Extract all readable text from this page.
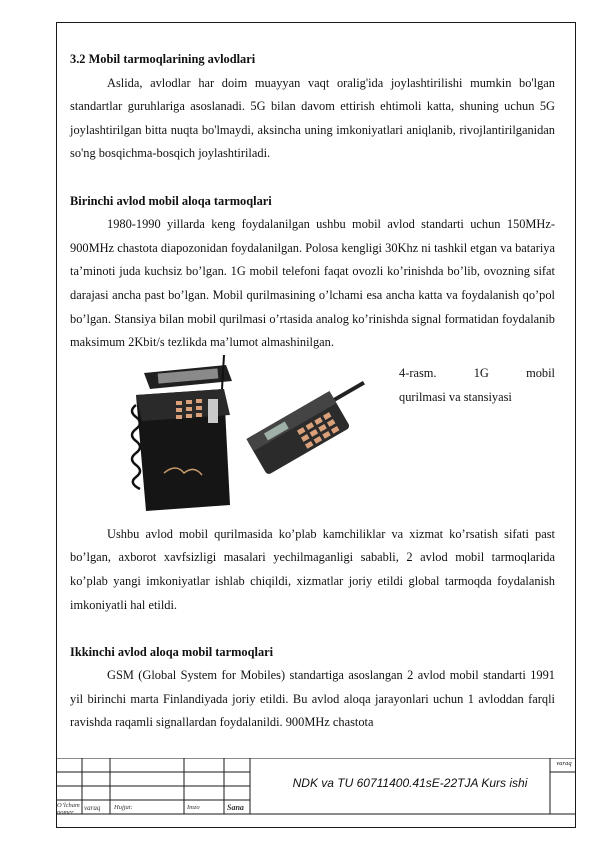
3.2 Mobil tarmoqlarining avlodlari

Aslida, avlodlar har doim muayyan vaqt oralig'ida joylashtirilishi mumkin bo'lgan standartlar guruhlariga asoslanadi. 5G bilan davom ettirish ehtimoli katta, shuning uchun 5G joylashtirilgan bitta nuqta bo'lmaydi, aksincha uning imkoniyatlari aniqlanib, rivojlantirilganidan so'ng bosqichma-bosqich joylashtiriladi.

Birinchi avlod mobil aloqa tarmoqlari

1980-1990 yillarda keng foydalanilgan ushbu mobil avlod standarti uchun 150MHz-900MHz chastota diapozonidan foydalanilgan. Polosa kengligi 30Khz ni tashkil etgan va batariya ta’minoti juda kuchsiz bo’lgan. 1G mobil telefoni faqat ovozli ko’rinishda bo’lib, ovozning sifat darajasi ancha past bo’lgan. Mobil qurilmasining o’lchami esa ancha katta va foydalanish qo’pol bo’lgan. Stansiya bilan mobil qurilmasi o’rtasida analog ko’rinishda signal formatidan foydalanib maksimum 2Kbit/s tezlikda ma’lumot almashinilgan.

4-rasm.	1G	mobil
qurilmasi va stansiyasi

Ushbu avlod mobil qurilmasida ko’plab kamchiliklar va xizmat ko’rsatish sifati past bo’lgan, axborot xavfsizligi masalari yechilmaganligi sababli, 2 avlod mobil tarmoqlarida ko’plab yangi imkoniyatlar ishlab chiqildi, xizmatlar joriy etildi global tarmoqda foydalanish imkoniyatli hal etildi.

Ikkinchi avlod aloqa mobil tarmoqlari

GSM (Global System for Mobiles) standartiga asoslangan 2 avlod mobil standarti 1991 yil birinchi marta Finlandiyada joriy etildi. Bu avlod aloqa jarayonlari uchun 1 avloddan farqli ravishda raqamli signallardan foydalanildi. 900MHz chastota

NDK va TU 60711400.41sE-22TJA Kurs ishi
varaq
O’lcham
nomer
varaq Hujjat:	Imzo	Sana
